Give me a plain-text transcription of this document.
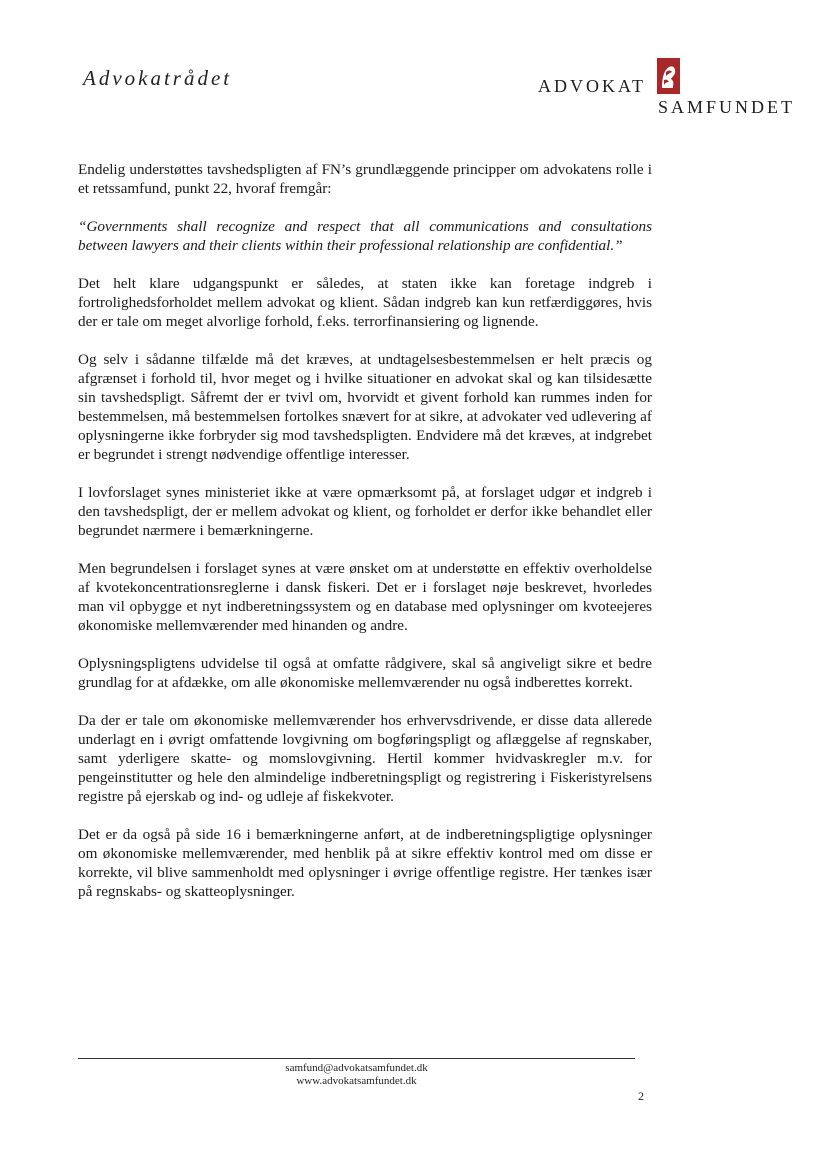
Advokatrådet	ADVOKAT
SAMFUNDET

Endelig understøttes tavshedspligten af FN’s grundlæggende principper om advokatens rolle i et retssamfund, punkt 22, hvoraf fremgår:

“Governments shall recognize and respect that all communications and consultations between lawyers and their clients within their professional relationship are confidential.”

Det helt klare udgangspunkt er således, at staten ikke kan foretage indgreb i fortrolighedsforholdet mellem advokat og klient. Sådan indgreb kan kun retfærdiggøres, hvis der er tale om meget alvorlige forhold, f.eks. terrorfinansiering og lignende.

Og selv i sådanne tilfælde må det kræves, at undtagelsesbestemmelsen er helt præcis og afgrænset i forhold til, hvor meget og i hvilke situationer en advokat skal og kan tilsidesætte sin tavshedspligt. Såfremt der er tvivl om, hvorvidt et givent forhold kan rummes inden for bestemmelsen, må bestemmelsen fortolkes snævert for at sikre, at advokater ved udlevering af oplysningerne ikke forbryder sig mod tavshedspligten. Endvidere må det kræves, at indgrebet er begrundet i strengt nødvendige offentlige interesser.

I lovforslaget synes ministeriet ikke at være opmærksomt på, at forslaget udgør et indgreb i den tavshedspligt, der er mellem advokat og klient, og forholdet er derfor ikke behandlet eller begrundet nærmere i bemærkningerne.

Men begrundelsen i forslaget synes at være ønsket om at understøtte en effektiv overholdelse af kvotekoncentrationsreglerne i dansk fiskeri. Det er i forslaget nøje beskrevet, hvorledes man vil opbygge et nyt indberetningssystem og en database med oplysninger om kvoteejeres økonomiske mellemværender med hinanden og andre.

Oplysningspligtens udvidelse til også at omfatte rådgivere, skal så angiveligt sikre et bedre grundlag for at afdække, om alle økonomiske mellemværender nu også indberettes korrekt.

Da der er tale om økonomiske mellemværender hos erhvervsdrivende, er disse data allerede underlagt en i øvrigt omfattende lovgivning om bogføringspligt og aflæggelse af regnskaber, samt yderligere skatte- og momslovgivning. Hertil kommer hvidvaskregler m.v. for pengeinstitutter og hele den almindelige indberetningspligt og registrering i Fiskeristyrelsens registre på ejerskab og ind- og udleje af fiskekvoter.

Det er da også på side 16 i bemærkningerne anført, at de indberetningspligtige oplysninger om økonomiske mellemværender, med henblik på at sikre effektiv kontrol med om disse er korrekte, vil blive sammenholdt med oplysninger i øvrige offentlige registre. Her tænkes især på regnskabs- og skatteoplysninger.

samfund@advokatsamfundet.dk
www.advokatsamfundet.dk
2
